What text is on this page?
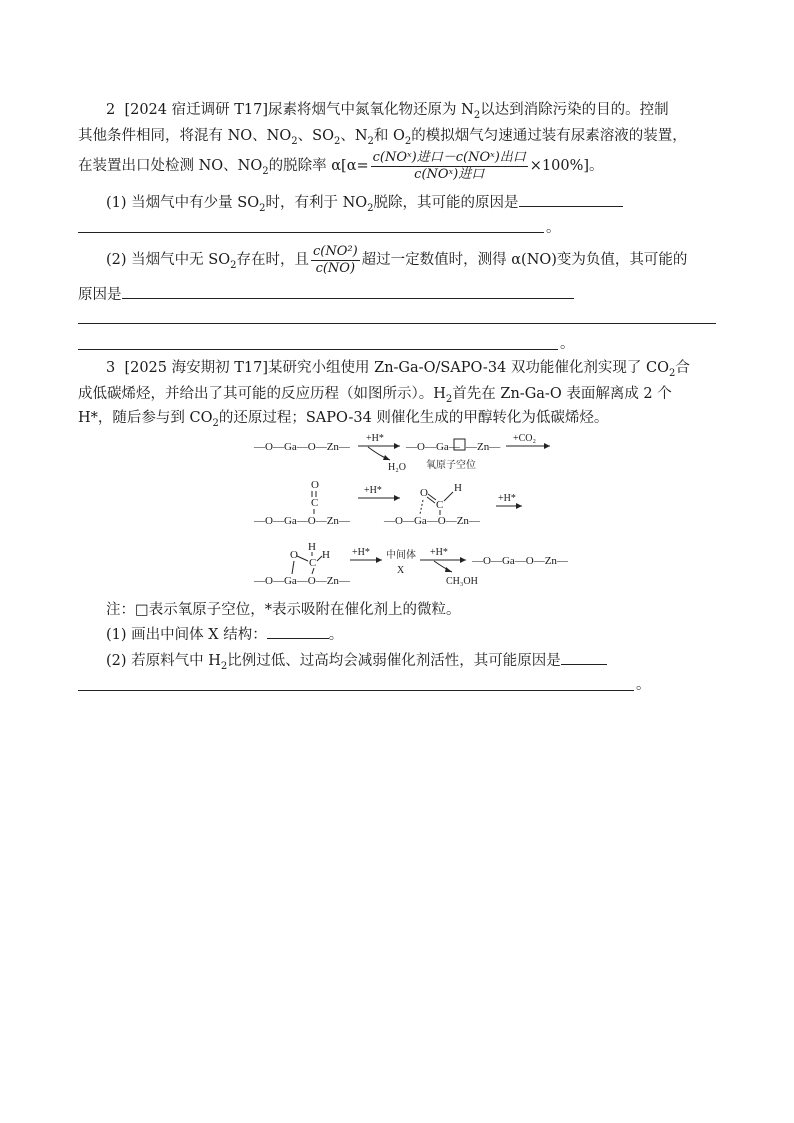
2 [2024 宿迁调研 T17]尿素将烟气中氮氧化物还原为 $N_2$以达到消除污染的目的。控制
其他条件相同，将混有 NO、$NO_2$、$SO_2$、$N_2$和 $O_2$的模拟烟气匀速通过装有尿素溶液的装置，
在装置出口处检测 NO、$NO_2$的脱除率 $\alpha[\alpha= \frac{\text{c(NOˣ)进口－c(NOˣ)出口}}{\text{c(NOˣ)进口}} \times 100\%]$。
(1) 当烟气中有少量 $SO_2$时，有利于 $NO_2$脱除，其可能的原因是
。
(2) 当烟气中无 $SO_2$存在时，且 $\frac{\text{c(NO²)}}{c(NO)}$ 超过一定数值时，测得 α(NO)变为负值，其可能的
原因是
。
3 [2025 海安期初 T17]某研究小组使用 Zn-Ga-O/SAPO-34 双功能催化剂实现了 $CO_2$合
成低碳烯烃，并给出了其可能的反应历程（如图所示）。$H_2$首先在 Zn-Ga-O 表面解离成 2 个
H*，随后参与到 $CO_2$的还原过程；SAPO-34 则催化生成的甲醇转化为低碳烯烃。
—O—Ga—O—Zn—
+H*
H₂O
—O—Ga— —Zn—
氧原子空位
+CO₂
O
C
—O—Ga—O—Zn—
+H*	O H
C
—O—Ga—O—Zn—
+H*
O
H
H
C
—O—Ga—O—Zn—
+H* 中间体
X
+H*
CH₃OH
—O—Ga—O—Zn—
注：□表示氧原子空位，*表示吸附在催化剂上的微粒。
(1) 画出中间体 X 结构：	。
(2) 若原料气中 $H_2$比例过低、过高均会减弱催化剂活性，其可能原因是
。
